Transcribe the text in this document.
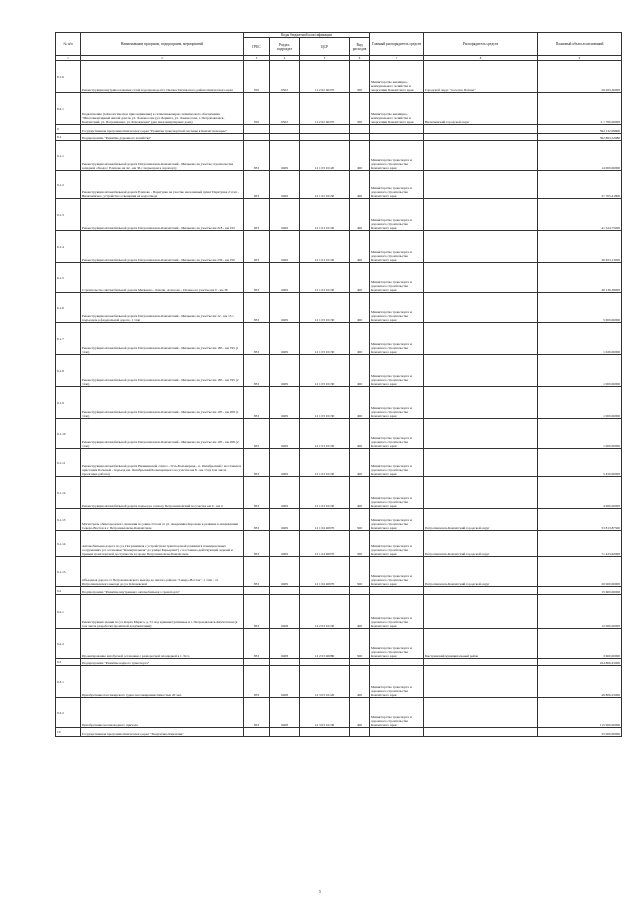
№ п/п	Наименование программ, подпрограмм, мероприятий	Коды бюджетной классификации				Главный распорядитель средств	Распорядитель средств	Плановый объем ассигнований
		ГРБС	Раздел, подраздел	ЦСР	Вид расходов			
1	2	3	4	5	6	7	8	9
8.1.6	Реконструкция внутрипоселковых сетей водопровода пгт. Палана Тигильского района Камчатского края	810	0502	11 2 02 40270	500	Министерство жилищно-коммунального хозяйства и энергетики Камчатского края	Городской округ "поселок Палана"	29 263,30000
8.2.1	Подключение (технологическое присоединение) к сетям инженерно-технического обеспечения "Многоквартирный жилой дом по ул. Ломоносова (ул. Беринга, ул. Ломоносова, г. Петропавловск-Камчатский, ул. Пограничная, ул. Ключевская" (два многоквартирных дома)	810	0502	11 2 02 40270	500	Министерство жилищно-коммунального хозяйства и энергетики Камчатского края	Вилючинский городской округ	2 1 700,00000
9	Государственная программа Камчатского края "Развитие транспортной системы в Камчатском крае"							592 132,09800
9.1	Подпрограмма "Развитие дорожного хозяйства"							392 863,52980
9.1.1	Реконструкция автомобильной дороги Петропавловск-Камчатский - Мильково на участке строительства западной обхода г. Елизово на 42 - км 36 с подъездом к аэропорту	833	0409	12 1 03 10120	400	Министерство транспорта и дорожного строительства Камчатского края		14 000,00000
9.1.2	Реконструкция автомобильной дороги Елизово - Паратунка на участке населенный пункт Паратунка 2 этап - Вилючинское, устройство освещения на водоотводе	833	0409	12 1 05 10150	400	Министерство транспорта и дорожного строительства Камчатского края		31 705,41800
9.1.3	Реконструкция автомобильной дороги Петропавловск-Камчатский - Мильково на участке км 218 - км 225	833	0409	12 1 03 10130	400	Министерство транспорта и дорожного строительства Камчатского края		41 324,75000
9.1.4	Реконструкция автомобильной дороги Петропавловск-Камчатский - Мильково на участке км 236 - км 250	833	0409	12 1 03 10130	400	Министерство транспорта и дорожного строительства Камчатского края		36 653,13000
9.1.5	Строительство автомобильной дороги Мильково - Ключи, Атласово - Палана на участке км 0 - км 38	833	0409	12 1 03 10130	400	Министерство транспорта и дорожного строительства Камчатского края		40 136,38000
9.1.6	Реконструкция автомобильной дороги Петропавловск-Камчатский - Мильково на участке км 12 - км 15 с подъездом к федеральной дороге, 1 этап	833	0409	12 1 03 10130	400	Министерство транспорта и дорожного строительства Камчатского края		5 000,00000
9.1.7	Реконструкция автомобильной дороги Петропавловск-Камчатский - Мильково на участке км 185 - км 195 (1 этап)	833	0409	12 1 03 10130	400	Министерство транспорта и дорожного строительства Камчатского края		1 026,00000
9.1.8	Реконструкция автомобильной дороги Петропавловск-Камчатский - Мильково на участке км 185 - км 195 (2 этап)	833	0409	12 1 03 10130	400	Министерство транспорта и дорожного строительства Камчатского края		1 000,00000
9.1.9	Реконструкция автомобильной дороги Петропавловск-Камчатский - Мильково на участке км 195 - км 208 (1 этап)	833	0409	12 1 03 10130	400	Министерство транспорта и дорожного строительства Камчатского края		1 000,00000
9.1.10	Реконструкция автомобильной дороги Петропавловск-Камчатский - Мильково на участке км 195 - км 208 (2 этап)	833	0409	12 1 03 10130	400	Министерство транспорта и дорожного строительства Камчатского края		1 000,00000
9.1.11	Реконструкция автомобильной дороги Начикинской совхоз - Усть-Большерецк - п. Октябрьский с мостовым и пристанем Большой - подъезд км. Октябрьский Большерецкого на участке км 8 - км 13 (в том числе проектные работы)	833	0409	12 1 03 10130	400	Министерство транспорта и дорожного строительства Камчатского края		5 450,00000
9.1.12	Реконструкция автомобильной дороги подъезд к совхозу Петропавловский на участке км 0 - км 4	833	0409	12 1 03 10130	400	Министерство транспорта и дорожного строительства Камчатского края		4 000,00000
9.1.13	Магистраль общегородского значения по улице Гоголя от ул. Академика Королева к развязке в направлении Северо-Восток в г. Петропавловске-Камчатском	833	0409	12 1 04 40070	500	Министерство транспорта и дорожного строительства Камчатского края	Петропавловск-Камчатский городской округ	53 813,87500
9.1.14	Автомобильная дорога по ул. Пограничная с устройством транспортной развязки в планировочных сооружениях (от остановки "Коммунальная" до улицы Карьерная") с постоянно-действующей задачей и правым транспортной доступности в городе Петропавловске-Камчатском	833	0409	12 1 04 40070	500	Министерство транспорта и дорожного строительства Камчатского края	Петропавловск-Камчатский городской округ	71 423,62900
9.1.15	Объездная дорога от Петропавловского выезда до жилого района "Северо-Восток", 1 этап - от Петропавловского выезда до ул. Ключевской	833	0409	12 1 04 40070	500	Министерство транспорта и дорожного строительства Камчатского края	Петропавловск-Камчатский городской округ	20 000,00000
9.2	Подпрограмма "Развитие внутреннего автомобильного транспорта"							15 600,00000
9.2.1	Реконструкция здания по ул. Карла Маркса, д. 31 под административные и г. Петропавловск-Камчатском (в том числе разработка проектной документации)	833	0408	12 2 03 10130	400	Министерство транспорта и дорожного строительства Камчатского края		12 000,00000
9.2.2	Проектирование автобусной остановки с разворотной площадкой в г. Эссо	833	0408	12 2 03 40080	500	Министерство транспорта и дорожного строительства Камчатского края	Быстринский муниципальный район	3 600,00000
9.3	Подпрограмма "Развитие водного транспорта"							164 806,25000
9.3.1	Приобретение пассажирского судна пассажировместимостью 20 чел.	833	0408	12 3 03 10120	400	Министерство транспорта и дорожного строительства Камчатского края		49 806,25000
9.3.2	Приобретение несамоходного причала	833	0408	12 3 03 10130	400	Министерство транспорта и дорожного строительства Камчатского края		115 000,00000
10	Государственная программа Камчатского края "Энергетика Камчатки"							25 000,00000
5
